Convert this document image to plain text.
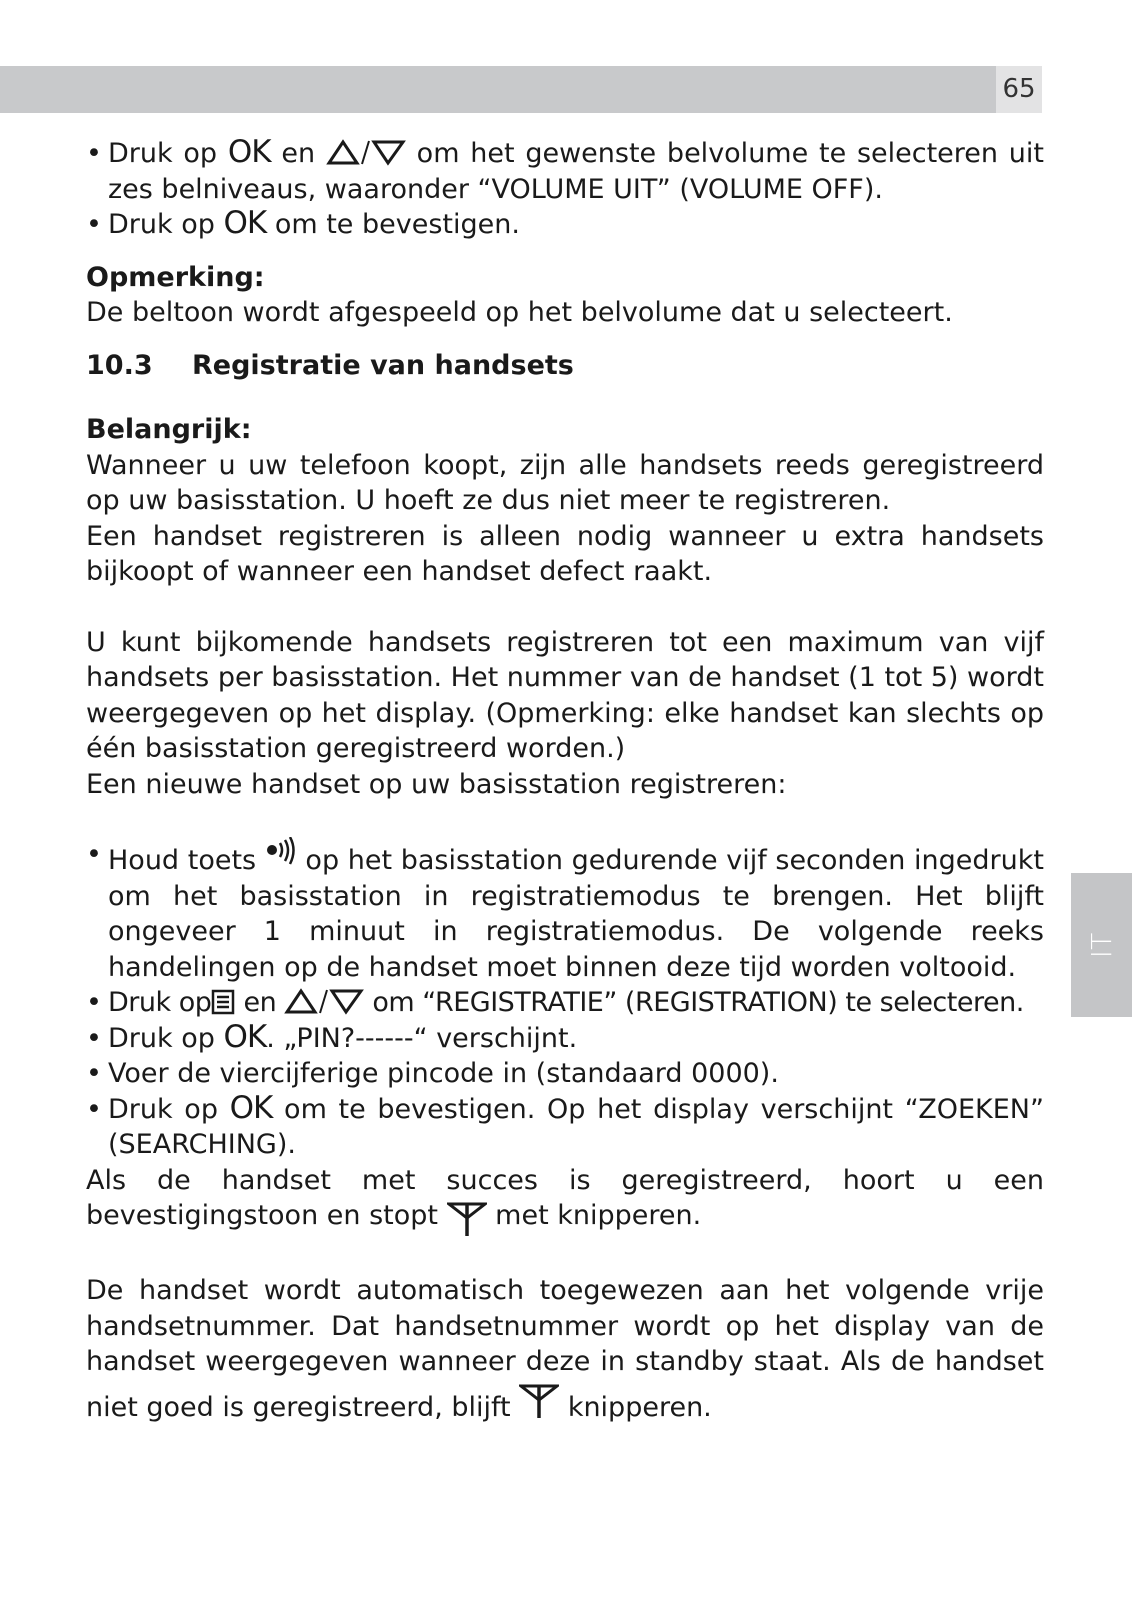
65
IT
• Druk op OK en	om het gewenste belvolume te selecteren uit zes belniveaus, waaronder “VOLUME UIT” (VOLUME OFF).
• Druk op OK om te bevestigen.

Opmerking:

De beltoon wordt afgespeeld op het belvolume dat u selecteert.

10.3 Registratie van handsets

Belangrijk:

Wanneer u uw telefoon koopt, zijn alle handsets reeds geregistreerd op uw basisstation. U hoeft ze dus niet meer te registreren.

Een handset registreren is alleen nodig wanneer u extra handsets bijkoopt of wanneer een handset defect raakt.

U kunt bijkomende handsets registreren tot een maximum van vijf handsets per basisstation. Het nummer van de handset (1 tot 5) wordt weergegeven op het display. (Opmerking: elke handset kan slechts op één basisstation geregistreerd worden.)

Een nieuwe handset op uw basisstation registreren:

• Houd toets op het basisstation gedurende vijf seconden ingedrukt om het basisstation in registratiemodus te brengen. Het blijft ongeveer 1 minuut in registratiemodus. De volgende reeks handelingen op de handset moet binnen deze tijd worden voltooid.
• Druk op en	om “REGISTRATIE” (REGISTRATION) te selecteren.
• Druk op OK. „PIN?------“ verschijnt.
• Voer de viercijferige pincode in (standaard 0000).
• Druk op OK om te bevestigen. Op het display verschijnt “ZOEKEN” (SEARCHING).

Als de handset met succes is geregistreerd, hoort u een bevestigingstoon en stopt met knipperen.

De handset wordt automatisch toegewezen aan het volgende vrije handsetnummer. Dat handsetnummer wordt op het display van de handset weergegeven wanneer deze in standby staat. Als de handset niet goed is geregistreerd, blijft knipperen.
